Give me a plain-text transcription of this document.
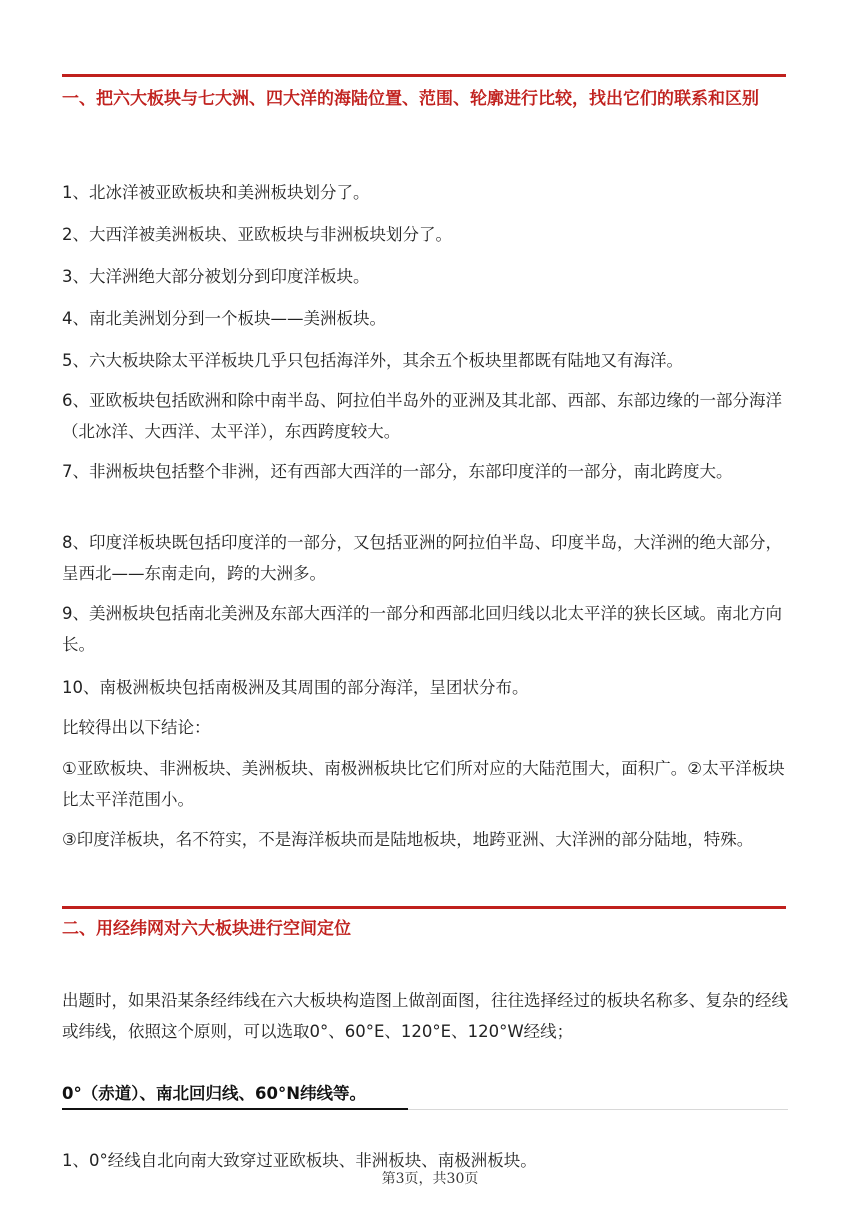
一、把六大板块与七大洲、四大洋的海陆位置、范围、轮廓进行比较，找出它们的联系和区别

1、北冰洋被亚欧板块和美洲板块划分了。

2、大西洋被美洲板块、亚欧板块与非洲板块划分了。

3、大洋洲绝大部分被划分到印度洋板块。

4、南北美洲划分到一个板块——美洲板块。

5、六大板块除太平洋板块几乎只包括海洋外，其余五个板块里都既有陆地又有海洋。

6、亚欧板块包括欧洲和除中南半岛、阿拉伯半岛外的亚洲及其北部、西部、东部边缘的一部分海洋（北冰洋、大西洋、太平洋），东西跨度较大。

7、非洲板块包括整个非洲，还有西部大西洋的一部分，东部印度洋的一部分，南北跨度大。

8、印度洋板块既包括印度洋的一部分，又包括亚洲的阿拉伯半岛、印度半岛，大洋洲的绝大部分，呈西北——东南走向，跨的大洲多。

9、美洲板块包括南北美洲及东部大西洋的一部分和西部北回归线以北太平洋的狭长区域。南北方向长。

10、南极洲板块包括南极洲及其周围的部分海洋，呈团状分布。

比较得出以下结论：

①亚欧板块、非洲板块、美洲板块、南极洲板块比它们所对应的大陆范围大，面积广。②太平洋板块比太平洋范围小。

③印度洋板块，名不符实，不是海洋板块而是陆地板块，地跨亚洲、大洋洲的部分陆地，特殊。

二、用经纬网对六大板块进行空间定位

出题时，如果沿某条经纬线在六大板块构造图上做剖面图，往往选择经过的板块名称多、复杂的经线或纬线，依照这个原则，可以选取0°、60°E、120°E、120°W经线；

0°（赤道）、南北回归线、60°N纬线等。

1、0°经线自北向南大致穿过亚欧板块、非洲板块、南极洲板块。

第3页，共30页
